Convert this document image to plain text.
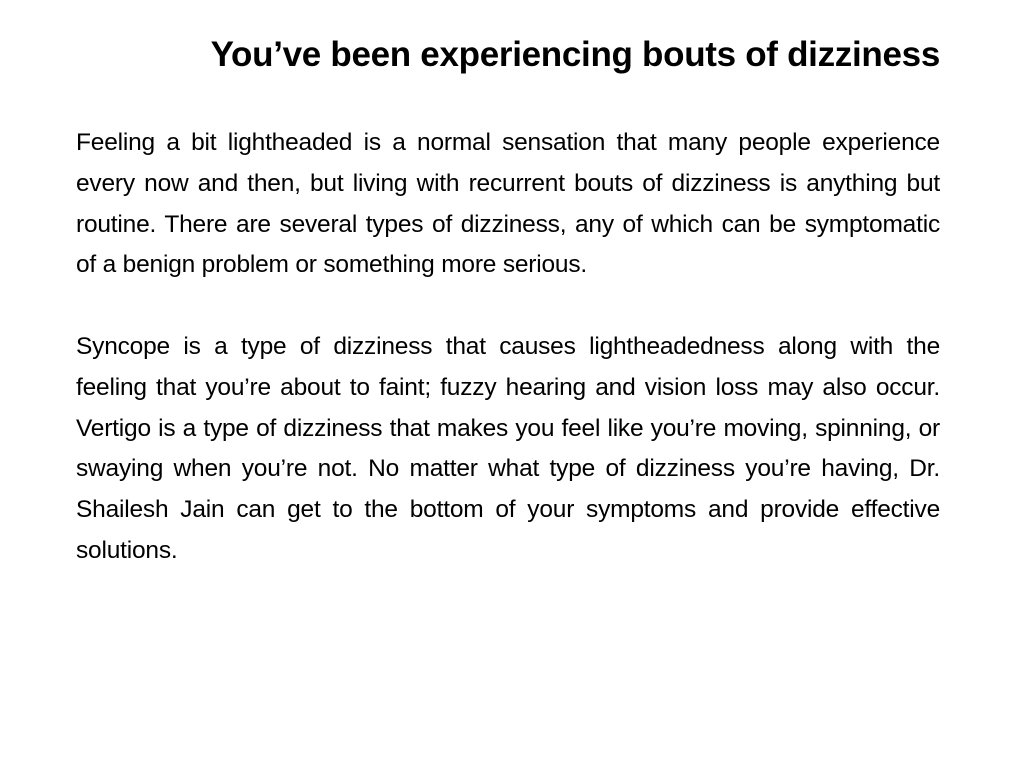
You’ve been experiencing bouts of dizziness

Feeling a bit lightheaded is a normal sensation that many people experience every now and then, but living with recurrent bouts of dizziness is anything but routine. There are several types of dizziness, any of which can be symptomatic of a benign problem or something more serious.

Syncope is a type of dizziness that causes lightheadedness along with the feeling that you’re about to faint; fuzzy hearing and vision loss may also occur. Vertigo is a type of dizziness that makes you feel like you’re moving, spinning, or swaying when you’re not. No matter what type of dizziness you’re having, Dr. Shailesh Jain can get to the bottom of your symptoms and provide effective solutions.
